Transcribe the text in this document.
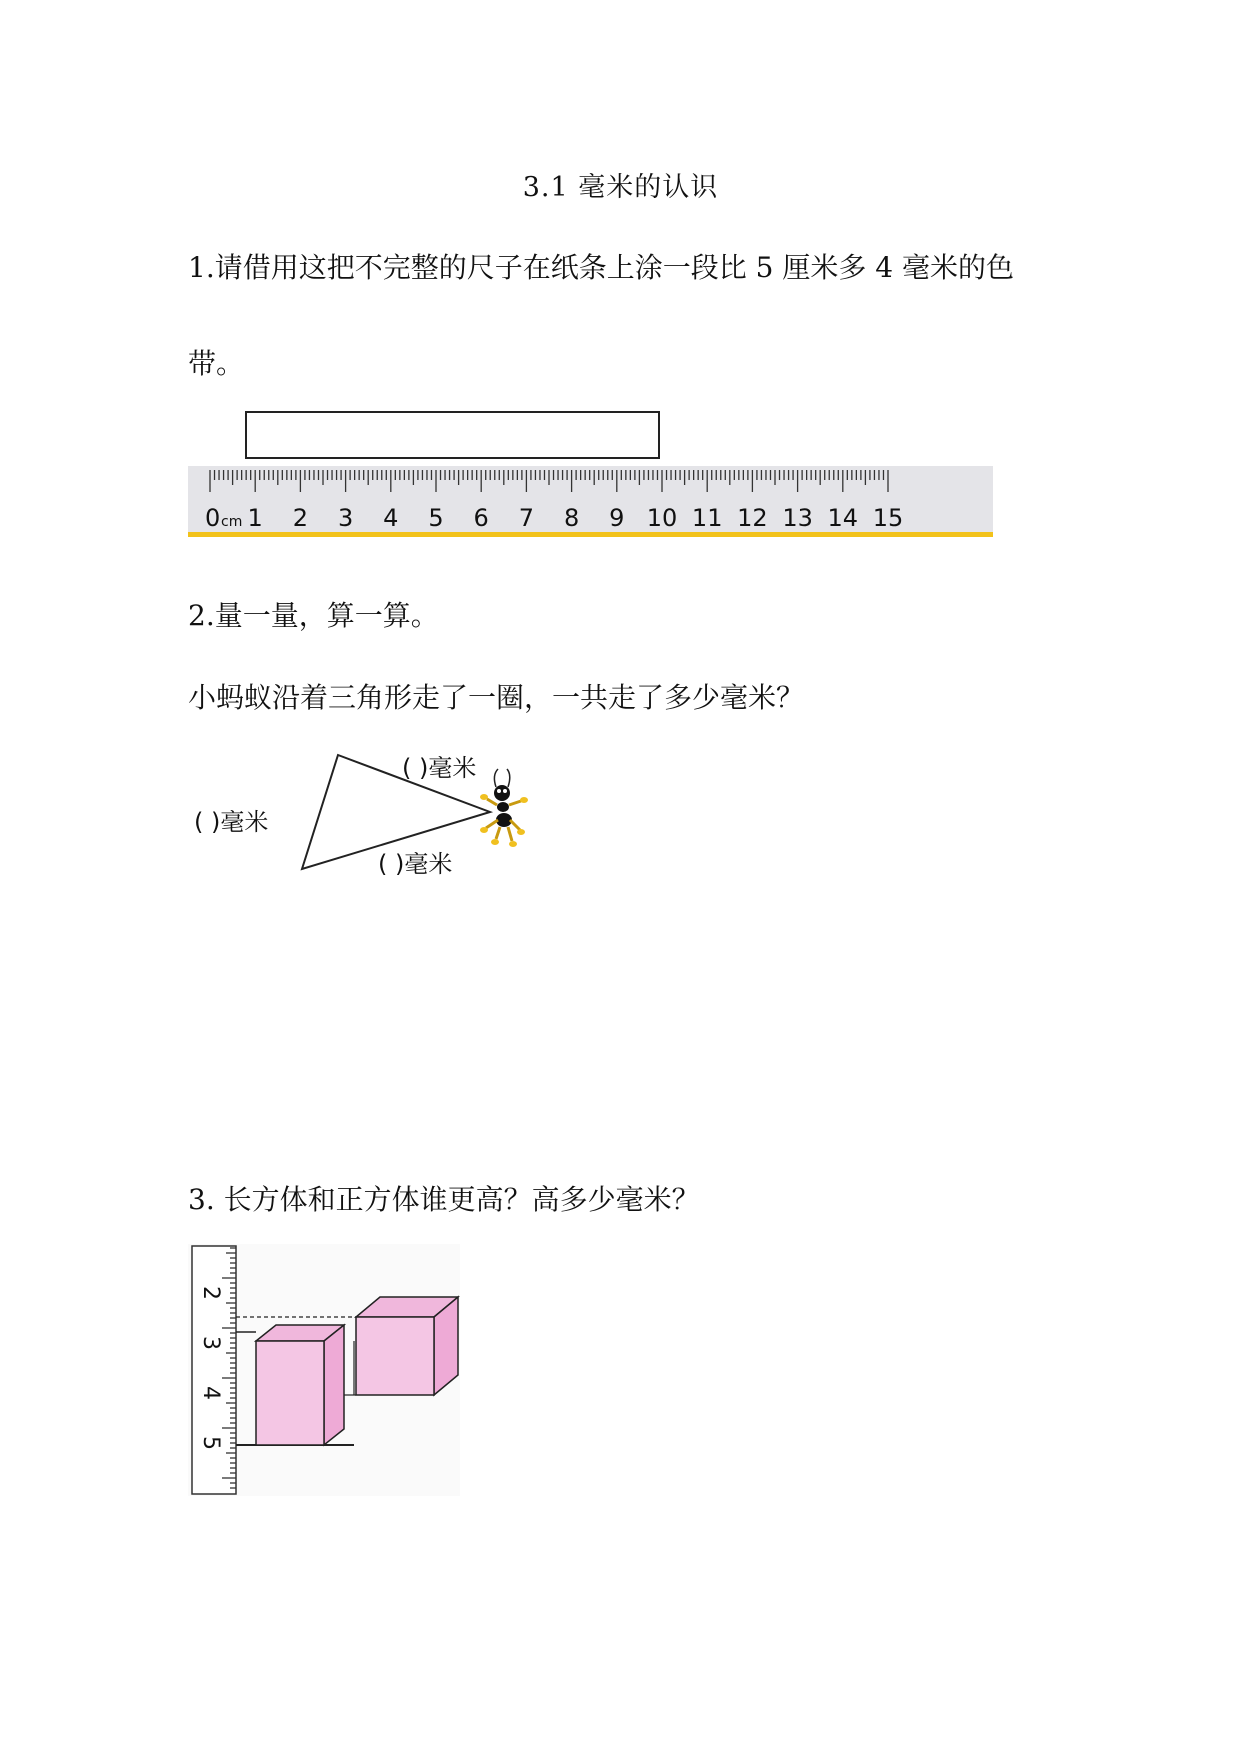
3.1 毫米的认识
1.请借用这把不完整的尺子在纸条上涂一段比 5 厘米多 4 毫米的色
带。
0 cm 1 2 3 4 5 6 7 8 9 10 11 12 13 14 15
2.量一量，算一算。
小蚂蚁沿着三角形走了一圈，一共走了多少毫米？
( )毫米
( )毫米
( )毫米
3. 长方体和正方体谁更高？高多少毫米？
2
3
4
5
